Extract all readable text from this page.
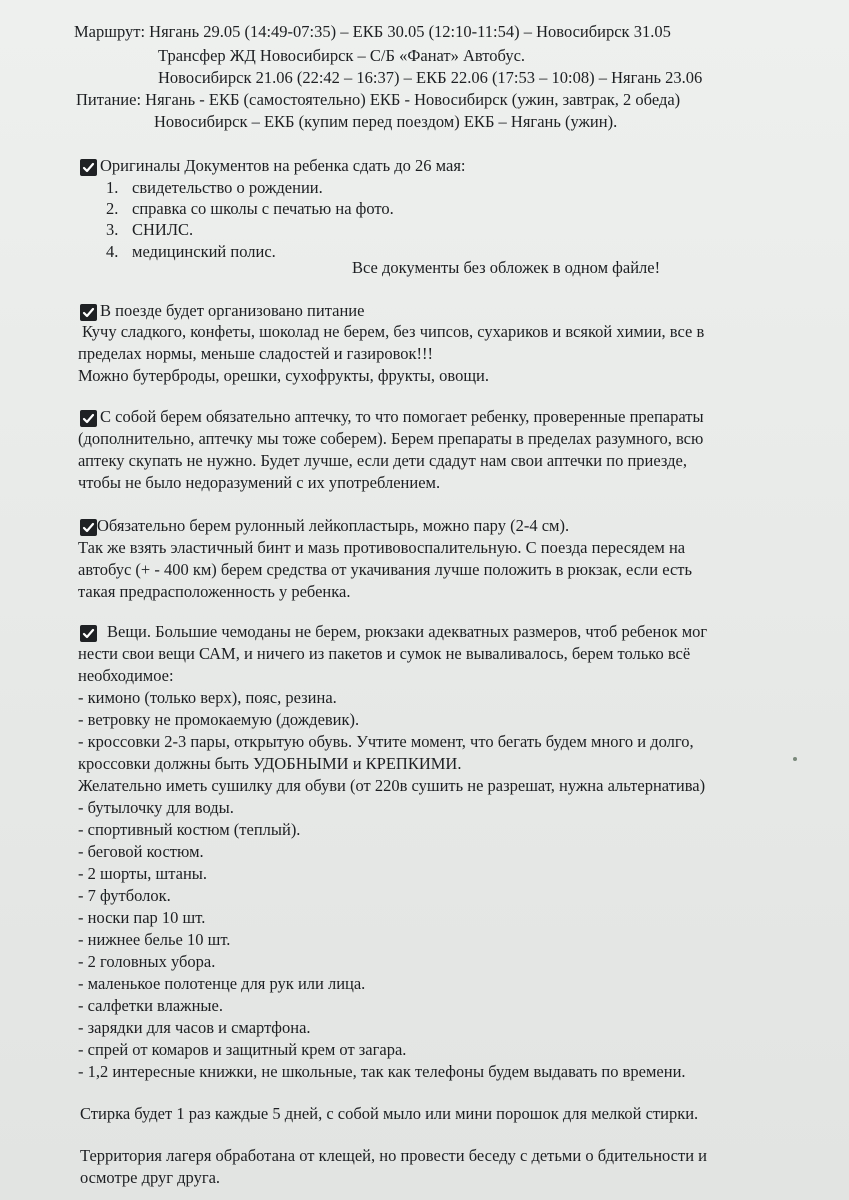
Маршрут: Нягань 29.05 (14:49-07:35) – ЕКБ 30.05 (12:10-11:54) – Новосибирск 31.05
Трансфер ЖД Новосибирск – С/Б «Фанат» Автобус.
Новосибирск 21.06 (22:42 – 16:37) – ЕКБ 22.06 (17:53 – 10:08) – Нягань 23.06
Питание: Нягань - ЕКБ (самостоятельно) ЕКБ - Новосибирск (ужин, завтрак, 2 обеда)
Новосибирск – ЕКБ (купим перед поездом) ЕКБ – Нягань (ужин).
Оригиналы Документов на ребенка сдать до 26 мая:
1. свидетельство о рождении.
2. справка со школы с печатью на фото.
3. СНИЛС.
4. медицинский полис.
Все документы без обложек в одном файле!
В поезде будет организовано питание
Кучу сладкого, конфеты, шоколад не берем, без чипсов, сухариков и всякой химии, все в
пределах нормы, меньше сладостей и газировок!!!
Можно бутерброды, орешки, сухофрукты, фрукты, овощи.
С собой берем обязательно аптечку, то что помогает ребенку, проверенные препараты
(дополнительно, аптечку мы тоже соберем). Берем препараты в пределах разумного, всю
аптеку скупать не нужно. Будет лучше, если дети сдадут нам свои аптечки по приезде,
чтобы не было недоразумений с их употреблением.
Обязательно берем рулонный лейкопластырь, можно пару (2-4 см).
Так же взять эластичный бинт и мазь противовоспалительную. С поезда пересядем на
автобус (+ - 400 км) берем средства от укачивания лучше положить в рюкзак, если есть
такая предрасположенность у ребенка.
Вещи. Большие чемоданы не берем, рюкзаки адекватных размеров, чтоб ребенок мог
нести свои вещи САМ, и ничего из пакетов и сумок не вываливалось, берем только всё
необходимое:
- кимоно (только верх), пояс, резина.
- ветровку не промокаемую (дождевик).
- кроссовки 2-3 пары, открытую обувь. Учтите момент, что бегать будем много и долго,
кроссовки должны быть УДОБНЫМИ и КРЕПКИМИ.
Желательно иметь сушилку для обуви (от 220в сушить не разрешат, нужна альтернатива)
- бутылочку для воды.
- спортивный костюм (теплый).
- беговой костюм.
- 2 шорты, штаны.
- 7 футболок.
- носки пар 10 шт.
- нижнее белье 10 шт.
- 2 головных убора.
- маленькое полотенце для рук или лица.
- салфетки влажные.
- зарядки для часов и смартфона.
- спрей от комаров и защитный крем от загара.
- 1,2 интересные книжки, не школьные, так как телефоны будем выдавать по времени.
Стирка будет 1 раз каждые 5 дней, с собой мыло или мини порошок для мелкой стирки.
Территория лагеря обработана от клещей, но провести беседу с детьми о бдительности и
осмотре друг друга.
